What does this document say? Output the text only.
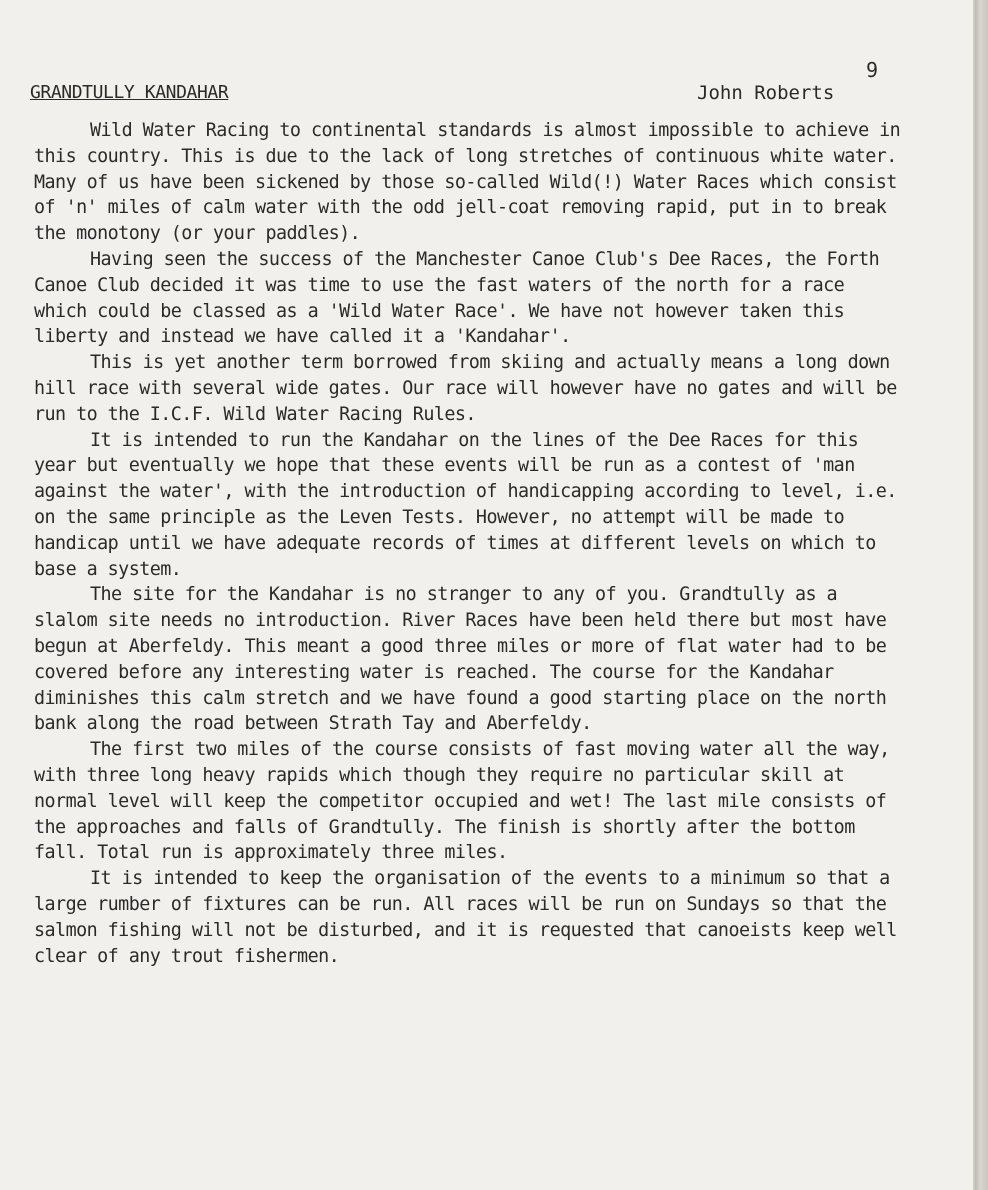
9
GRANDTULLY KANDAHAR	John Roberts

Wild Water Racing to continental standards is almost impossible to achieve in this country. This is due to the lack of long stretches of continuous white water. Many of us have been sickened by those so-called Wild(!) Water Races which consist of 'n' miles of calm water with the odd jell-coat removing rapid, put in to break the monotony (or your paddles).

Having seen the success of the Manchester Canoe Club's Dee Races, the Forth Canoe Club decided it was time to use the fast waters of the north for a race which could be classed as a 'Wild Water Race'. We have not however taken this liberty and instead we have called it a 'Kandahar'.

This is yet another term borrowed from skiing and actually means a long down hill race with several wide gates. Our race will however have no gates and will be run to the I.C.F. Wild Water Racing Rules.

It is intended to run the Kandahar on the lines of the Dee Races for this year but eventually we hope that these events will be run as a contest of 'man against the water', with the introduction of handicapping according to level, i.e. on the same principle as the Leven Tests. However, no attempt will be made to handicap until we have adequate records of times at different levels on which to base a system.

The site for the Kandahar is no stranger to any of you. Grandtully as a slalom site needs no introduction. River Races have been held there but most have begun at Aberfeldy. This meant a good three miles or more of flat water had to be covered before any interesting water is reached. The course for the Kandahar diminishes this calm stretch and we have found a good starting place on the north bank along the road between Strath Tay and Aberfeldy.

The first two miles of the course consists of fast moving water all the way, with three long heavy rapids which though they require no particular skill at normal level will keep the competitor occupied and wet! The last mile consists of the approaches and falls of Grandtully. The finish is shortly after the bottom fall. Total run is approximately three miles.

It is intended to keep the organisation of the events to a minimum so that a large rumber of fixtures can be run. All races will be run on Sundays so that the salmon fishing will not be disturbed, and it is requested that canoeists keep well clear of any trout fishermen.
